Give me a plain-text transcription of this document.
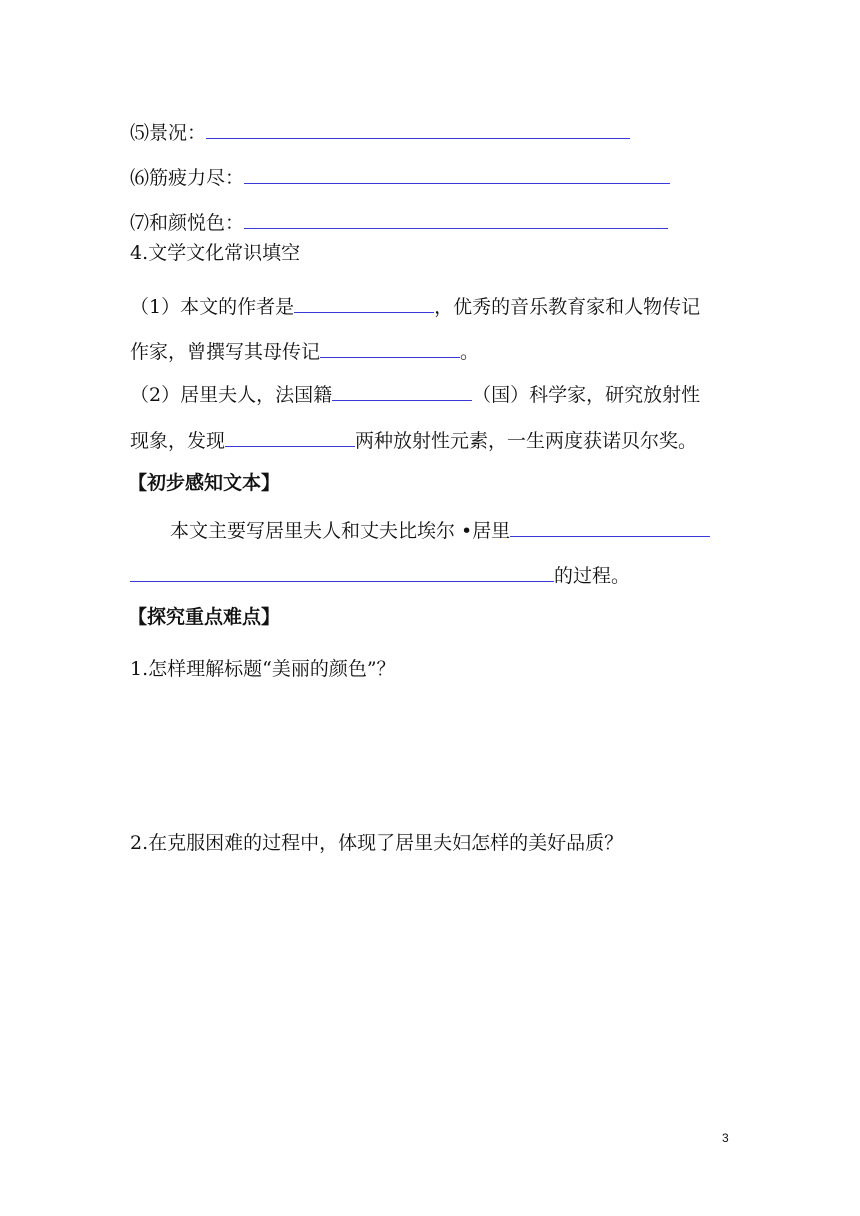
⑸景况：
⑹筋疲力尽：
⑺和颜悦色：
4.文学文化常识填空
（1）本文的作者是	，优秀的音乐教育家和人物传记
作家，曾撰写其母传记	。
（2）居里夫人，法国籍	（国）科学家，研究放射性
现象，发现	两种放射性元素，一生两度获诺贝尔奖。
【初步感知文本】
本文主要写居里夫人和丈夫比埃尔 •居里
的过程。
【探究重点难点】
1.怎样理解标题“美丽的颜色”？
2.在克服困难的过程中，体现了居里夫妇怎样的美好品质？
3
